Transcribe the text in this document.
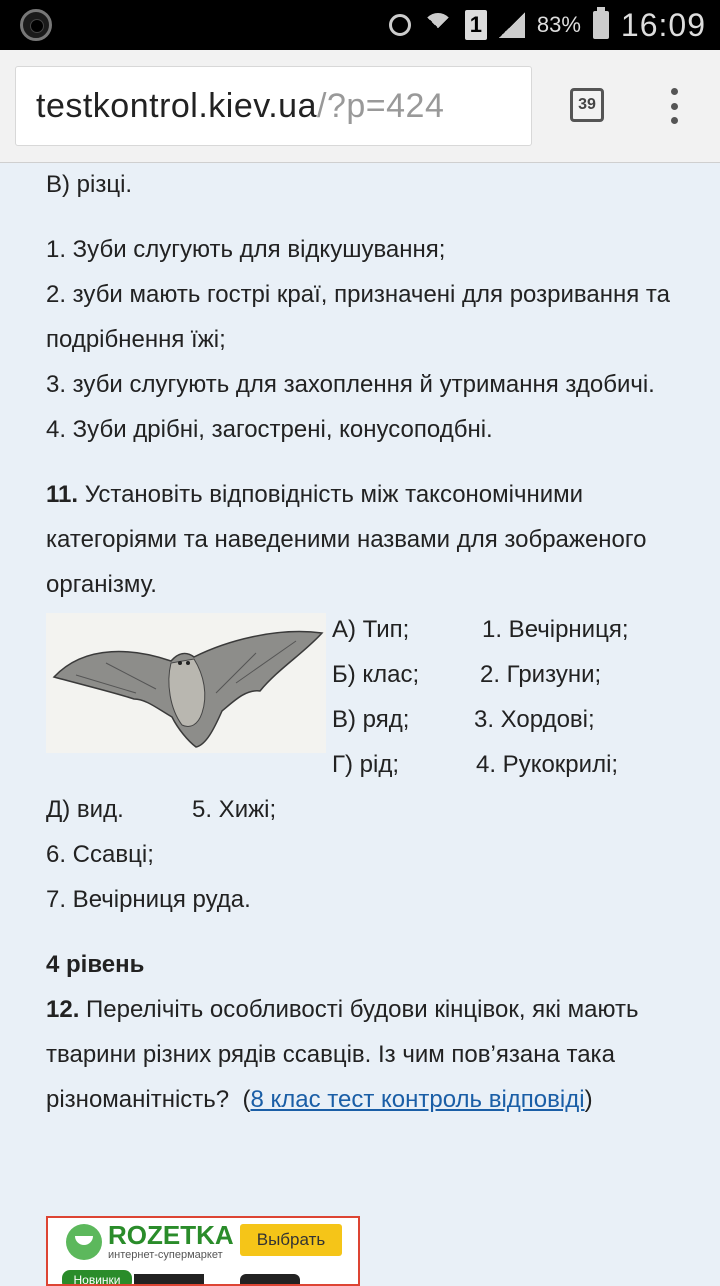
1 83% 16:09
testkontrol.kiev.ua /?p=424	39

В) різці.

1. Зуби слугують для відкушування;

2. зуби мають гострі краї, призначені для розривання та подрібнення їжі;

3. зуби слугують для захоплення й утримання здобичі.

4. Зуби дрібні, загострені, конусоподбні.

11. Установіть відповідність між таксономічними категоріями та наведеними назвами для зображеного організму.

А) Тип;	1. Вечірниця;
Б) клас;	2. Гризуни;
В) ряд;	3. Хордові;
Г) рід;	4. Рукокрилі;
Д) вид.	5. Хижі;

6. Ссавці;

7. Вечірниця руда.

4 рівень

12. Перелічіть особливості будови кінцівок, які мають тварини різних рядів ссавців. Із чим пов’язана така різноманітність?  (8 клас тест контроль відповіді)

ROZETKA
интернет-супермаркет
Выбрать
Новинки
